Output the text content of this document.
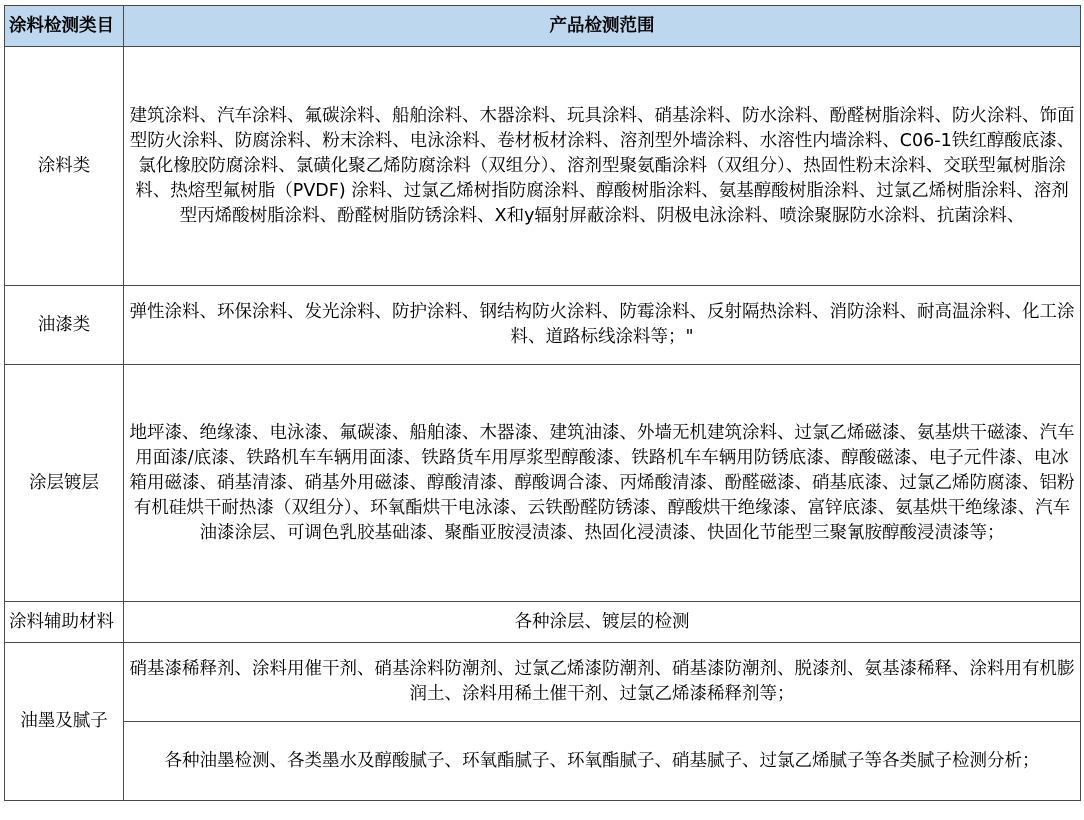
涂料检测类目	产品检测范围
涂料类	建筑涂料、汽车涂料、氟碳涂料、船舶涂料、木器涂料、玩具涂料、硝基涂料、防水涂料、酚醛树脂涂料、防火涂料、饰面型防火涂料、防腐涂料、粉末涂料、电泳涂料、卷材板材涂料、溶剂型外墙涂料、水溶性内墙涂料、C06-1铁红醇酸底漆、氯化橡胶防腐涂料、氯磺化聚乙烯防腐涂料（双组分）、溶剂型聚氨酯涂料（双组分）、热固性粉末涂料、交联型氟树脂涂料、热熔型氟树脂（PVDF) 涂料、过氯乙烯树指防腐涂料、醇酸树脂涂料、氨基醇酸树脂涂料、过氯乙烯树脂涂料、溶剂型丙烯酸树脂涂料、酚醛树脂防锈涂料、X和y辐射屏蔽涂料、阴极电泳涂料、喷涂聚脲防水涂料、抗菌涂料、
油漆类	弹性涂料、环保涂料、发光涂料、防护涂料、钢结构防火涂料、防霉涂料、反射隔热涂料、消防涂料、耐高温涂料、化工涂料、道路标线涂料等；"
涂层镀层	地坪漆、绝缘漆、电泳漆、氟碳漆、船舶漆、木器漆、建筑油漆、外墙无机建筑涂料、过氯乙烯磁漆、氨基烘干磁漆、汽车用面漆/底漆、铁路机车车辆用面漆、铁路货车用厚浆型醇酸漆、铁路机车车辆用防锈底漆、醇酸磁漆、电子元件漆、电冰箱用磁漆、硝基清漆、硝基外用磁漆、醇酸清漆、醇酸调合漆、丙烯酸清漆、酚醛磁漆、硝基底漆、过氯乙烯防腐漆、铝粉有机硅烘干耐热漆（双组分）、环氧酯烘干电泳漆、云铁酚醛防锈漆、醇酸烘干绝缘漆、富锌底漆、氨基烘干绝缘漆、汽车油漆涂层、可调色乳胶基础漆、聚酯亚胺浸渍漆、热固化浸渍漆、快固化节能型三聚氰胺醇酸浸渍漆等；
涂料辅助材料	各种涂层、镀层的检测
油墨及腻子	硝基漆稀释剂、涂料用催干剂、硝基涂料防潮剂、过氯乙烯漆防潮剂、硝基漆防潮剂、脱漆剂、氨基漆稀释、涂料用有机膨润土、涂料用稀土催干剂、过氯乙烯漆稀释剂等；
	各种油墨检测、各类墨水及醇酸腻子、环氧酯腻子、环氧酯腻子、硝基腻子、过氯乙烯腻子等各类腻子检测分析；
